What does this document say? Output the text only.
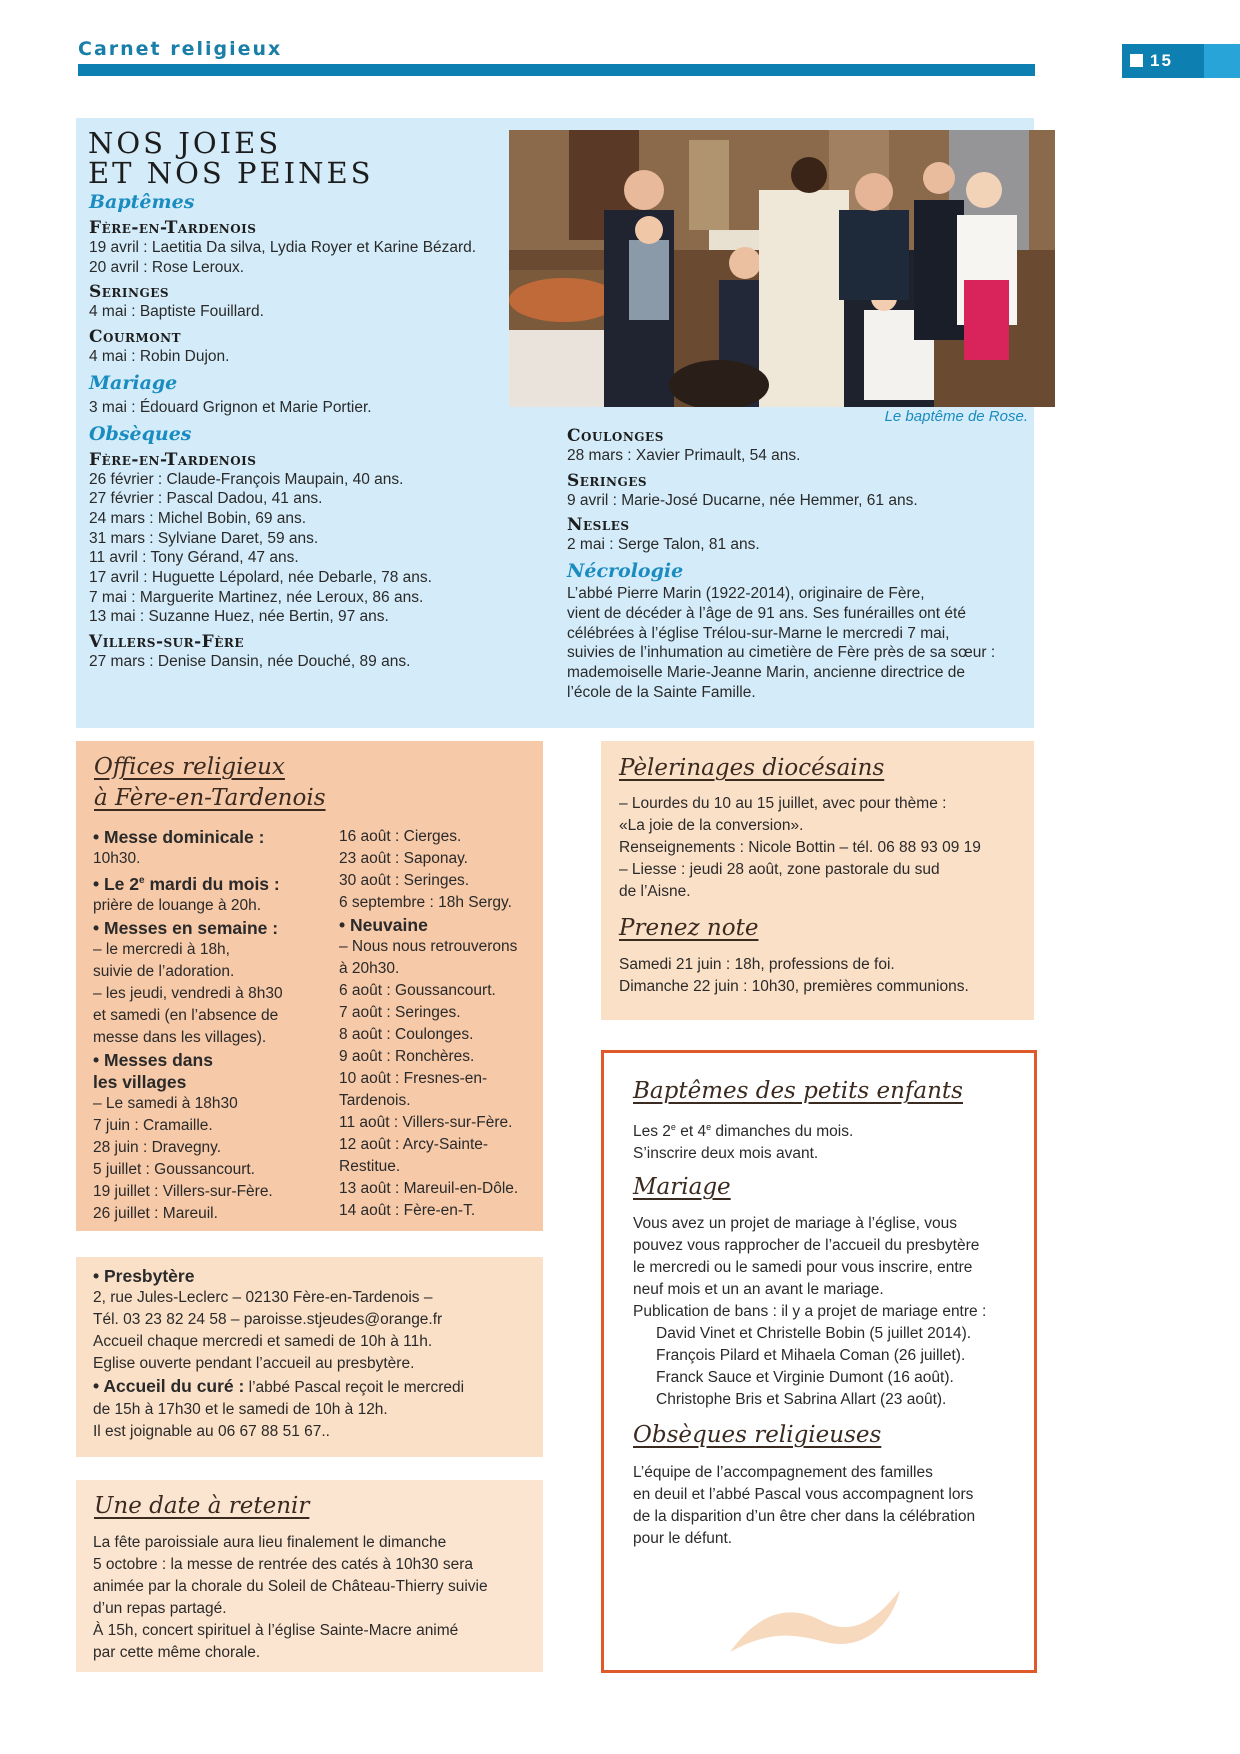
Carnet religieux
15
NOS JOIES
ET NOS PEINES
Baptêmes
Fère-en-Tardenois
19 avril : Laetitia Da silva, Lydia Royer et Karine Bézard.
20 avril : Rose Leroux.
Seringes
4 mai : Baptiste Fouillard.
Courmont
4 mai : Robin Dujon.
Mariage
3 mai : Édouard Grignon et Marie Portier.
Obsèques
Fère-en-Tardenois
26 février : Claude-François Maupain, 40 ans.
27 février : Pascal Dadou, 41 ans.
24 mars : Michel Bobin, 69 ans.
31 mars : Sylviane Daret, 59 ans.
11 avril : Tony Gérand, 47 ans.
17 avril : Huguette Lépolard, née Debarle, 78 ans.
7 mai : Marguerite Martinez, née Leroux, 86 ans.
13 mai : Suzanne Huez, née Bertin, 97 ans.
Villers-sur-Fère
27 mars : Denise Dansin, née Douché, 89 ans.
Le baptême de Rose.
Coulonges
28 mars : Xavier Primault, 54 ans.
Seringes
9 avril : Marie-José Ducarne, née Hemmer, 61 ans.
Nesles
2 mai : Serge Talon, 81 ans.
Nécrologie
L’abbé Pierre Marin (1922-2014), originaire de Fère,
vient de décéder à l’âge de 91 ans. Ses funérailles ont été
célébrées à l’église Trélou-sur-Marne le mercredi 7 mai,
suivies de l’inhumation au cimetière de Fère près de sa sœur :
mademoiselle Marie-Jeanne Marin, ancienne directrice de
l’école de la Sainte Famille.
Offices religieux
à Fère-en-Tardenois
• Messe dominicale :
10h30.
• Le 2e mardi du mois :
prière de louange à 20h.
• Messes en semaine :
– le mercredi à 18h,
suivie de l’adoration.
– les jeudi, vendredi à 8h30
et samedi (en l’absence de
messe dans les villages).
• Messes dans
les villages
– Le samedi à 18h30
7 juin : Cramaille.
28 juin : Dravegny.
5 juillet : Goussancourt.
19 juillet : Villers-sur-Fère.
26 juillet : Mareuil.
16 août : Cierges.
23 août : Saponay.
30 août : Seringes.
6 septembre : 18h Sergy.
• Neuvaine
– Nous nous retrouverons
à 20h30.
6 août : Goussancourt.
7 août : Seringes.
8 août : Coulonges.
9 août : Ronchères.
10 août : Fresnes-en-
Tardenois.
11 août : Villers-sur-Fère.
12 août : Arcy-Sainte-
Restitue.
13 août : Mareuil-en-Dôle.
14 août : Fère-en-T.
• Presbytère
2, rue Jules-Leclerc – 02130 Fère-en-Tardenois –
Tél. 03 23 82 24 58 – paroisse.stjeudes@orange.fr
Accueil chaque mercredi et samedi de 10h à 11h.
Eglise ouverte pendant l’accueil au presbytère.
• Accueil du curé : l’abbé Pascal reçoit le mercredi
de 15h à 17h30 et le samedi de 10h à 12h.
Il est joignable au 06 67 88 51 67..
Une date à retenir
La fête paroissiale aura lieu finalement le dimanche
5 octobre : la messe de rentrée des catés à 10h30 sera
animée par la chorale du Soleil de Château-Thierry suivie
d’un repas partagé.
À 15h, concert spirituel à l’église Sainte-Macre animé
par cette même chorale.
Pèlerinages diocésains
– Lourdes du 10 au 15 juillet, avec pour thème :
«La joie de la conversion».
Renseignements : Nicole Bottin – tél. 06 88 93 09 19
– Liesse : jeudi 28 août, zone pastorale du sud
de l’Aisne.
Prenez note
Samedi 21 juin : 18h, professions de foi.
Dimanche 22 juin : 10h30, premières communions.
Baptêmes des petits enfants
Les 2e et 4e dimanches du mois.
S’inscrire deux mois avant.
Mariage
Vous avez un projet de mariage à l’église, vous
pouvez vous rapprocher de l’accueil du presbytère
le mercredi ou le samedi pour vous inscrire, entre
neuf mois et un an avant le mariage.
Publication de bans : il y a projet de mariage entre :
David Vinet et Christelle Bobin (5 juillet 2014).
François Pilard et Mihaela Coman (26 juillet).
Franck Sauce et Virginie Dumont (16 août).
Christophe Bris et Sabrina Allart (23 août).
Obsèques religieuses
L’équipe de l’accompagnement des familles
en deuil et l’abbé Pascal vous accompagnent lors
de la disparition d’un être cher dans la célébration
pour le défunt.
